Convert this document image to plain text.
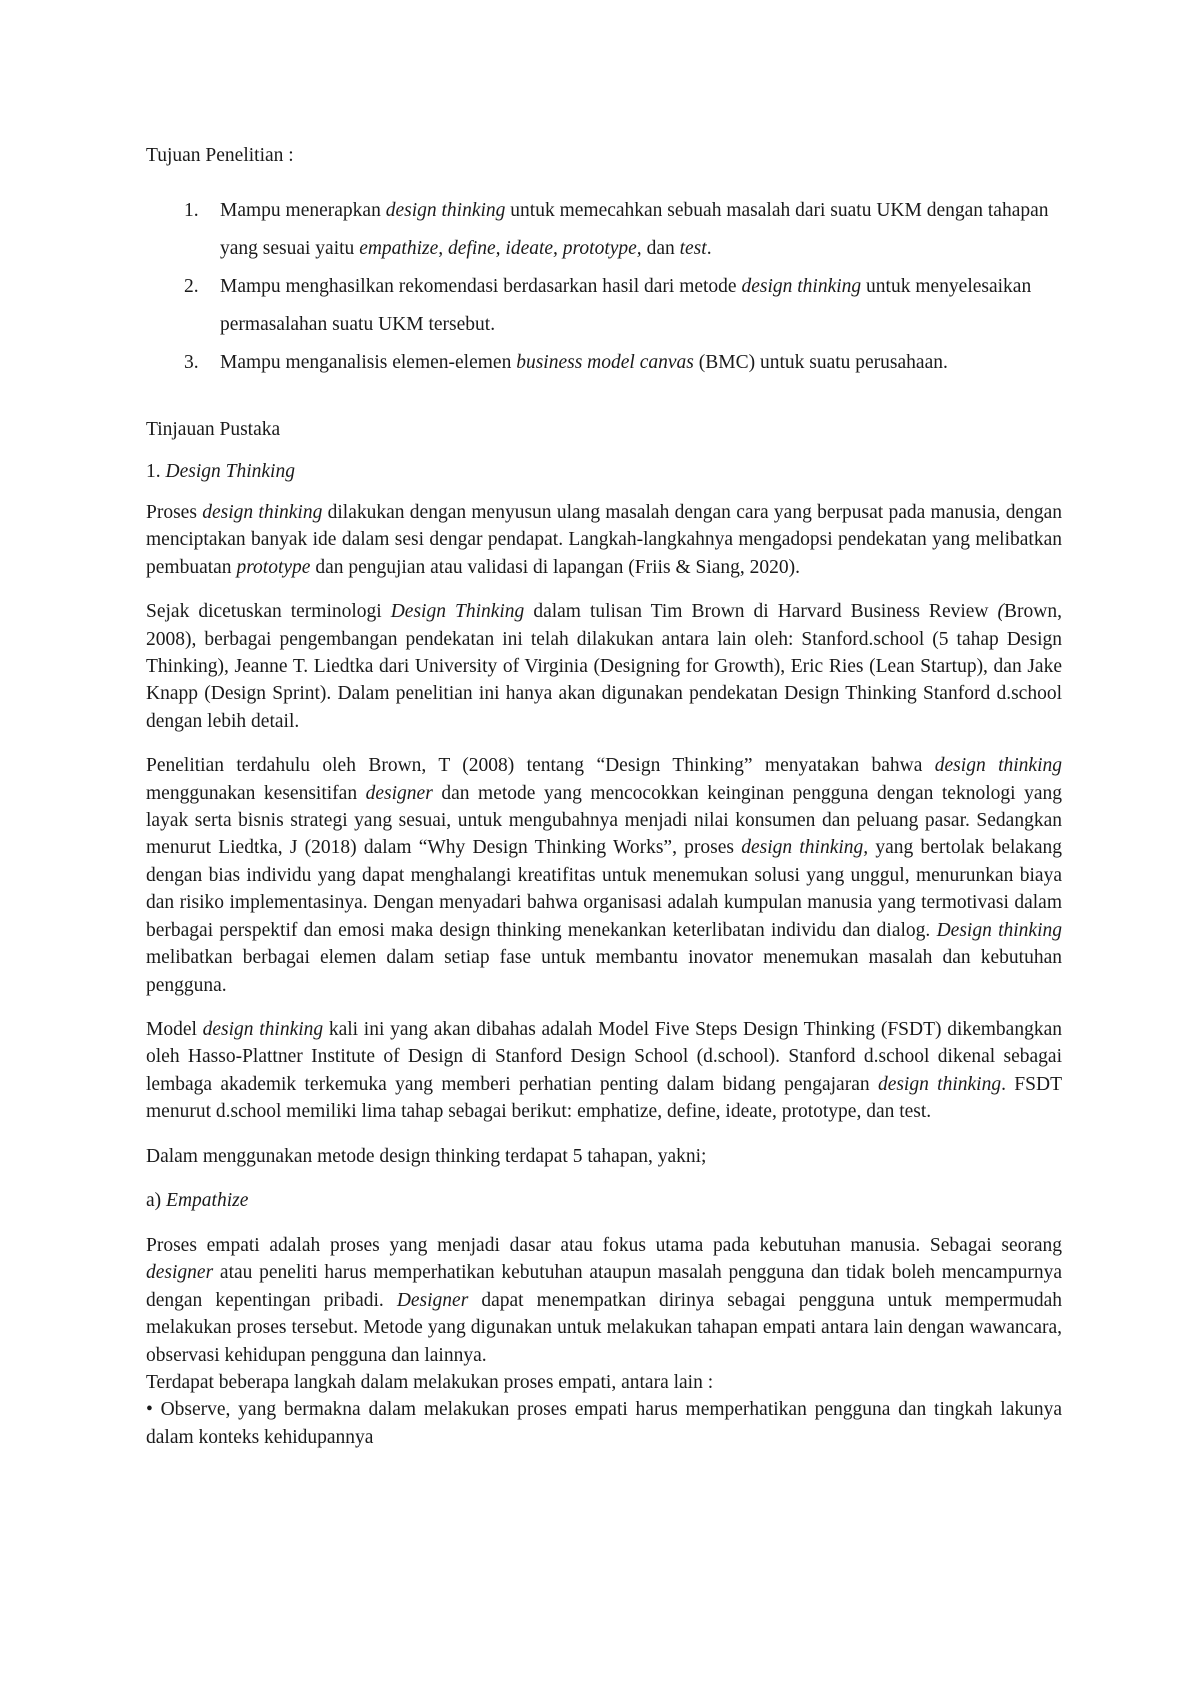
Tujuan Penelitian :

1. Mampu menerapkan design thinking untuk memecahkan sebuah masalah dari suatu UKM dengan tahapan yang sesuai yaitu empathize, define, ideate, prototype, dan test.
2. Mampu menghasilkan rekomendasi berdasarkan hasil dari metode design thinking untuk menyelesaikan permasalahan suatu UKM tersebut.
3. Mampu menganalisis elemen-elemen business model canvas (BMC) untuk suatu perusahaan.

Tinjauan Pustaka

1. Design Thinking

Proses design thinking dilakukan dengan menyusun ulang masalah dengan cara yang berpusat pada manusia, dengan menciptakan banyak ide dalam sesi dengar pendapat. Langkah-langkahnya mengadopsi pendekatan yang melibatkan pembuatan prototype dan pengujian atau validasi di lapangan (Friis & Siang, 2020).

Sejak dicetuskan terminologi Design Thinking dalam tulisan Tim Brown di Harvard Business Review (Brown, 2008), berbagai pengembangan pendekatan ini telah dilakukan antara lain oleh: Stanford.school (5 tahap Design Thinking), Jeanne T. Liedtka dari University of Virginia (Designing for Growth), Eric Ries (Lean Startup), dan Jake Knapp (Design Sprint). Dalam penelitian ini hanya akan digunakan pendekatan Design Thinking Stanford d.school dengan lebih detail.

Penelitian terdahulu oleh Brown, T (2008) tentang “Design Thinking” menyatakan bahwa design thinking menggunakan kesensitifan designer dan metode yang mencocokkan keinginan pengguna dengan teknologi yang layak serta bisnis strategi yang sesuai, untuk mengubahnya menjadi nilai konsumen dan peluang pasar. Sedangkan menurut Liedtka, J (2018) dalam “Why Design Thinking Works”, proses design thinking, yang bertolak belakang dengan bias individu yang dapat menghalangi kreatifitas untuk menemukan solusi yang unggul, menurunkan biaya dan risiko implementasinya. Dengan menyadari bahwa organisasi adalah kumpulan manusia yang termotivasi dalam berbagai perspektif dan emosi maka design thinking menekankan keterlibatan individu dan dialog. Design thinking melibatkan berbagai elemen dalam setiap fase untuk membantu inovator menemukan masalah dan kebutuhan pengguna.

Model design thinking kali ini yang akan dibahas adalah Model Five Steps Design Thinking (FSDT) dikembangkan oleh Hasso-Plattner Institute of Design di Stanford Design School (d.school). Stanford d.school dikenal sebagai lembaga akademik terkemuka yang memberi perhatian penting dalam bidang pengajaran design thinking. FSDT menurut d.school memiliki lima tahap sebagai berikut: emphatize, define, ideate, prototype, dan test.

Dalam menggunakan metode design thinking terdapat 5 tahapan, yakni;

a) Empathize

Proses empati adalah proses yang menjadi dasar atau fokus utama pada kebutuhan manusia. Sebagai seorang designer atau peneliti harus memperhatikan kebutuhan ataupun masalah pengguna dan tidak boleh mencampurnya dengan kepentingan pribadi. Designer dapat menempatkan dirinya sebagai pengguna untuk mempermudah melakukan proses tersebut. Metode yang digunakan untuk melakukan tahapan empati antara lain dengan wawancara, observasi kehidupan pengguna dan lainnya.

Terdapat beberapa langkah dalam melakukan proses empati, antara lain :

• Observe, yang bermakna dalam melakukan proses empati harus memperhatikan pengguna dan tingkah lakunya dalam konteks kehidupannya
